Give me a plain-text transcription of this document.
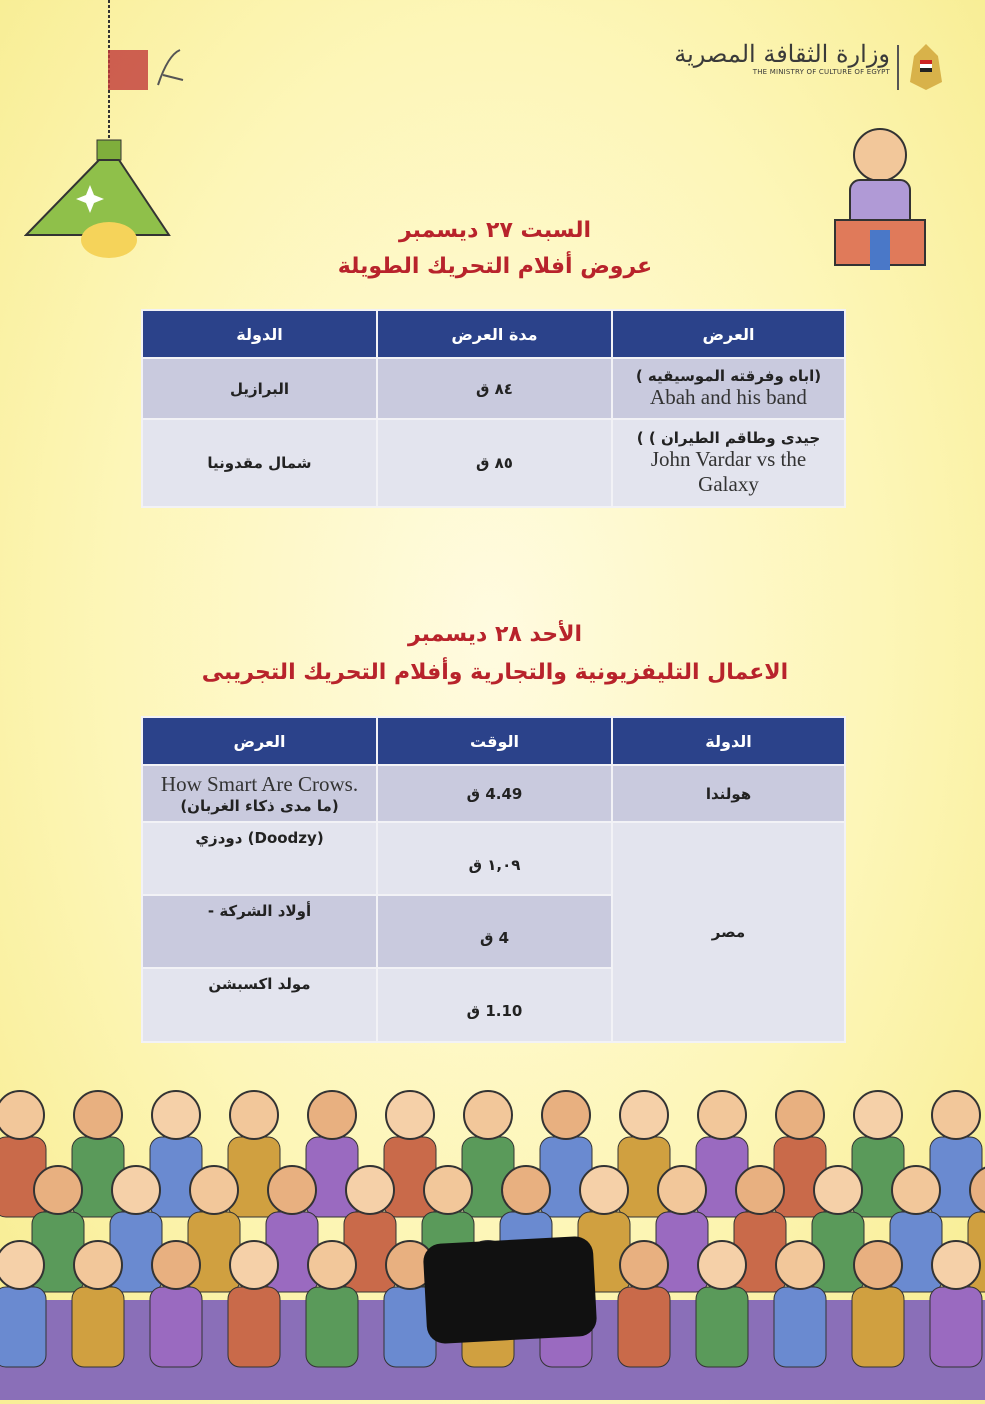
وزارة الثقافة المصرية
THE MINISTRY OF CULTURE OF EGYPT
السبت ٢٧ ديسمبر
عروض أفلام التحريك الطويلة
العرض	مدة العرض	الدولة

(اباه وفرقته الموسيقيه )
Abah and his band	٨٤ ق	البرازيل

جيدى وطاقم الطيران ) )
John Vardar vs the Galaxy	٨٥ ق	شمال مقدونيا
الأحد ٢٨ ديسمبر
الاعمال التليفزيونية والتجارية وأفلام التحريك التجريبى
الدولة	الوقت	العرض
هولندا	4.49 ق	How Smart Are Crows.
(ما مدى ذكاء الغربان)

مصر	١,٠٩ ق	(Doodzy) دودزي
	4 ق	أولاد الشركة -
	1.10 ق	مولد اكسبشن
